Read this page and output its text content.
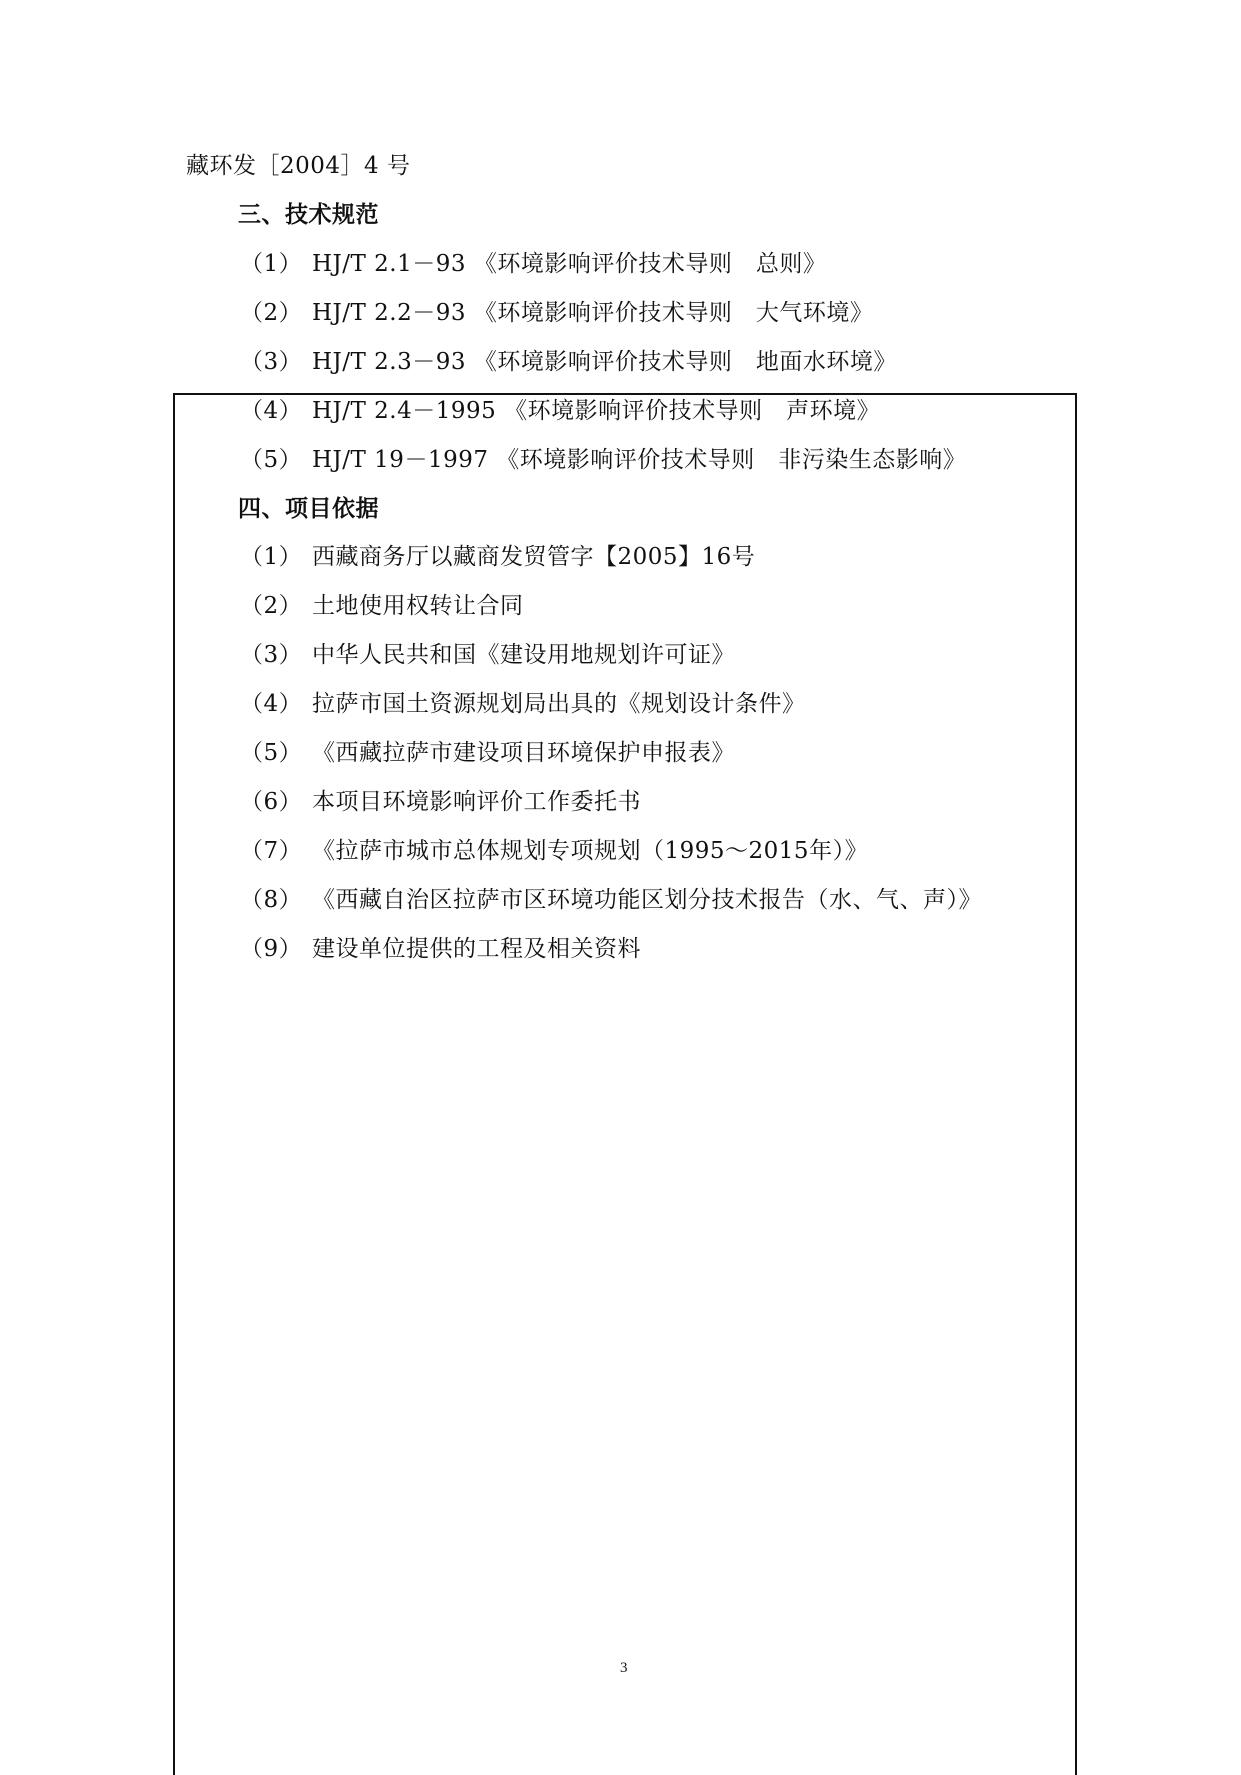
藏环发［2004］4 号
三、技术规范
（1） HJ/T 2.1－93 《环境影响评价技术导则　总则》
（2） HJ/T 2.2－93 《环境影响评价技术导则　大气环境》
（3） HJ/T 2.3－93 《环境影响评价技术导则　地面水环境》
（4） HJ/T 2.4－1995 《环境影响评价技术导则　声环境》
（5） HJ/T 19－1997 《环境影响评价技术导则　非污染生态影响》
四、项目依据
（1） 西藏商务厅以藏商发贸管字【2005】16号
（2） 土地使用权转让合同
（3） 中华人民共和国《建设用地规划许可证》
（4） 拉萨市国土资源规划局出具的《规划设计条件》
（5） 《西藏拉萨市建设项目环境保护申报表》
（6） 本项目环境影响评价工作委托书
（7） 《拉萨市城市总体规划专项规划（1995～2015年）》
（8） 《西藏自治区拉萨市区环境功能区划分技术报告（水、气、声）》
（9） 建设单位提供的工程及相关资料
3
